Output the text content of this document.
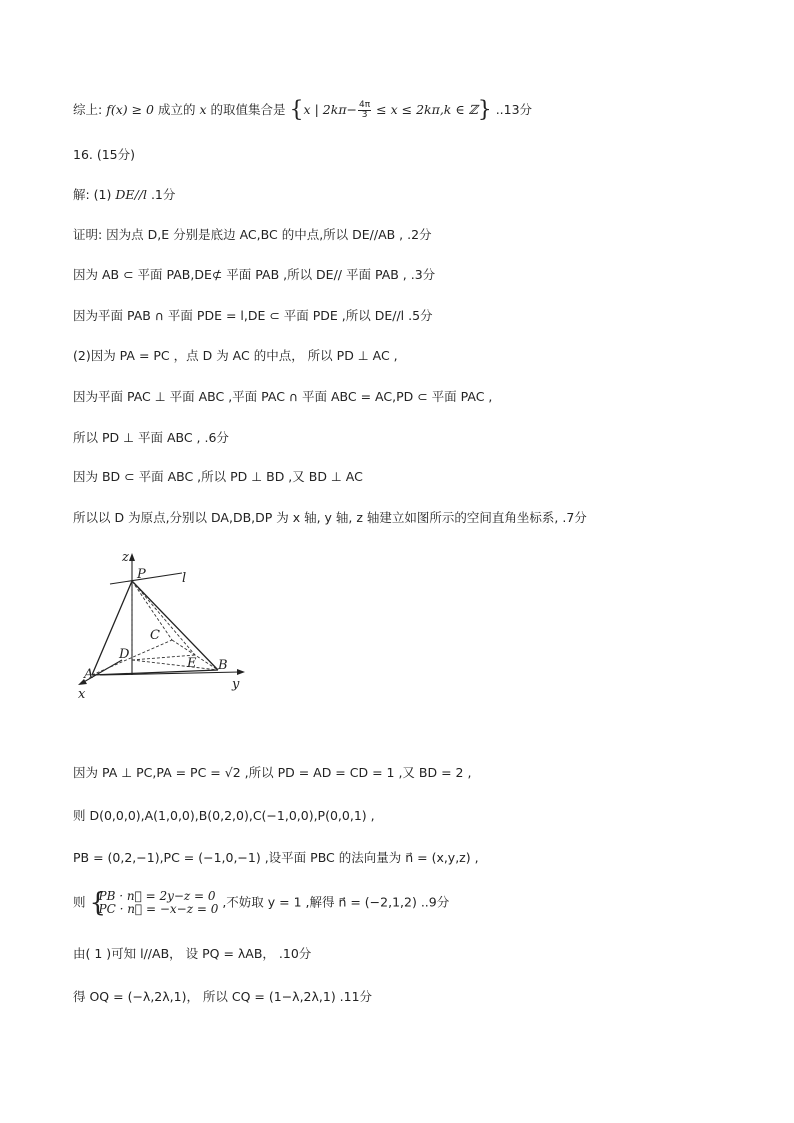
综上: f(x) ≥ 0 成立的 x 的取值集合是 {x | $2k\pi- \frac{4\pi}{3} \le x \le 2k\pi,k$ ∈ ℤ} ..13分
16. (15分)
解: (1) DE//l .1分
证明: 因为点 D,E 分别是底边 AC,BC 的中点,所以 DE//AB , .2分
因为 AB ⊂ 平面 PAB,DE⊄ 平面 PAB ,所以 DE// 平面 PAB , .3分
因为平面 PAB ∩ 平面 PDE = l,DE ⊂ 平面 PDE ,所以 DE//l .5分
(2)因为 PA = PC ，点 D 为 AC 的中点， 所以 PD ⊥ AC ,
因为平面 PAC ⊥ 平面 ABC ,平面 PAC ∩ 平面 ABC = AC,PD ⊂ 平面 PAC ,
所以 PD ⊥ 平面 ABC , .6分
因为 BD ⊂ 平面 ABC ,所以 PD ⊥ BD ,又 BD ⊥ AC
所以以 D 为原点,分别以 DA,DB,DP 为 x 轴, y 轴, z 轴建立如图所示的空间直角坐标系, .7分
z
P	l
C
D
E
A
B
x
y
因为 PA ⊥ PC,PA = PC = √2 ,所以 PD = AD = CD = 1 ,又 BD = 2 ,
则 D(0,0,0),A(1,0,0),B(0,2,0),C(−1,0,0),P(0,0,1) ,
PB = (0,2,−1),PC = (−1,0,−1) ,设平面 PBC 的法向量为 n⃗ = (x,y,z) ,
则 {
PB · n⃗ = 2y−z = 0
PC · n⃗ = −x−z = 0 ,不妨取 y = 1 ,解得 n⃗ = (−2,1,2) ..9分
由( 1 )可知 l//AB， 设 PQ = λAB， .10分
得 OQ = (−λ,2λ,1)， 所以 CQ = (1−λ,2λ,1) .11分
